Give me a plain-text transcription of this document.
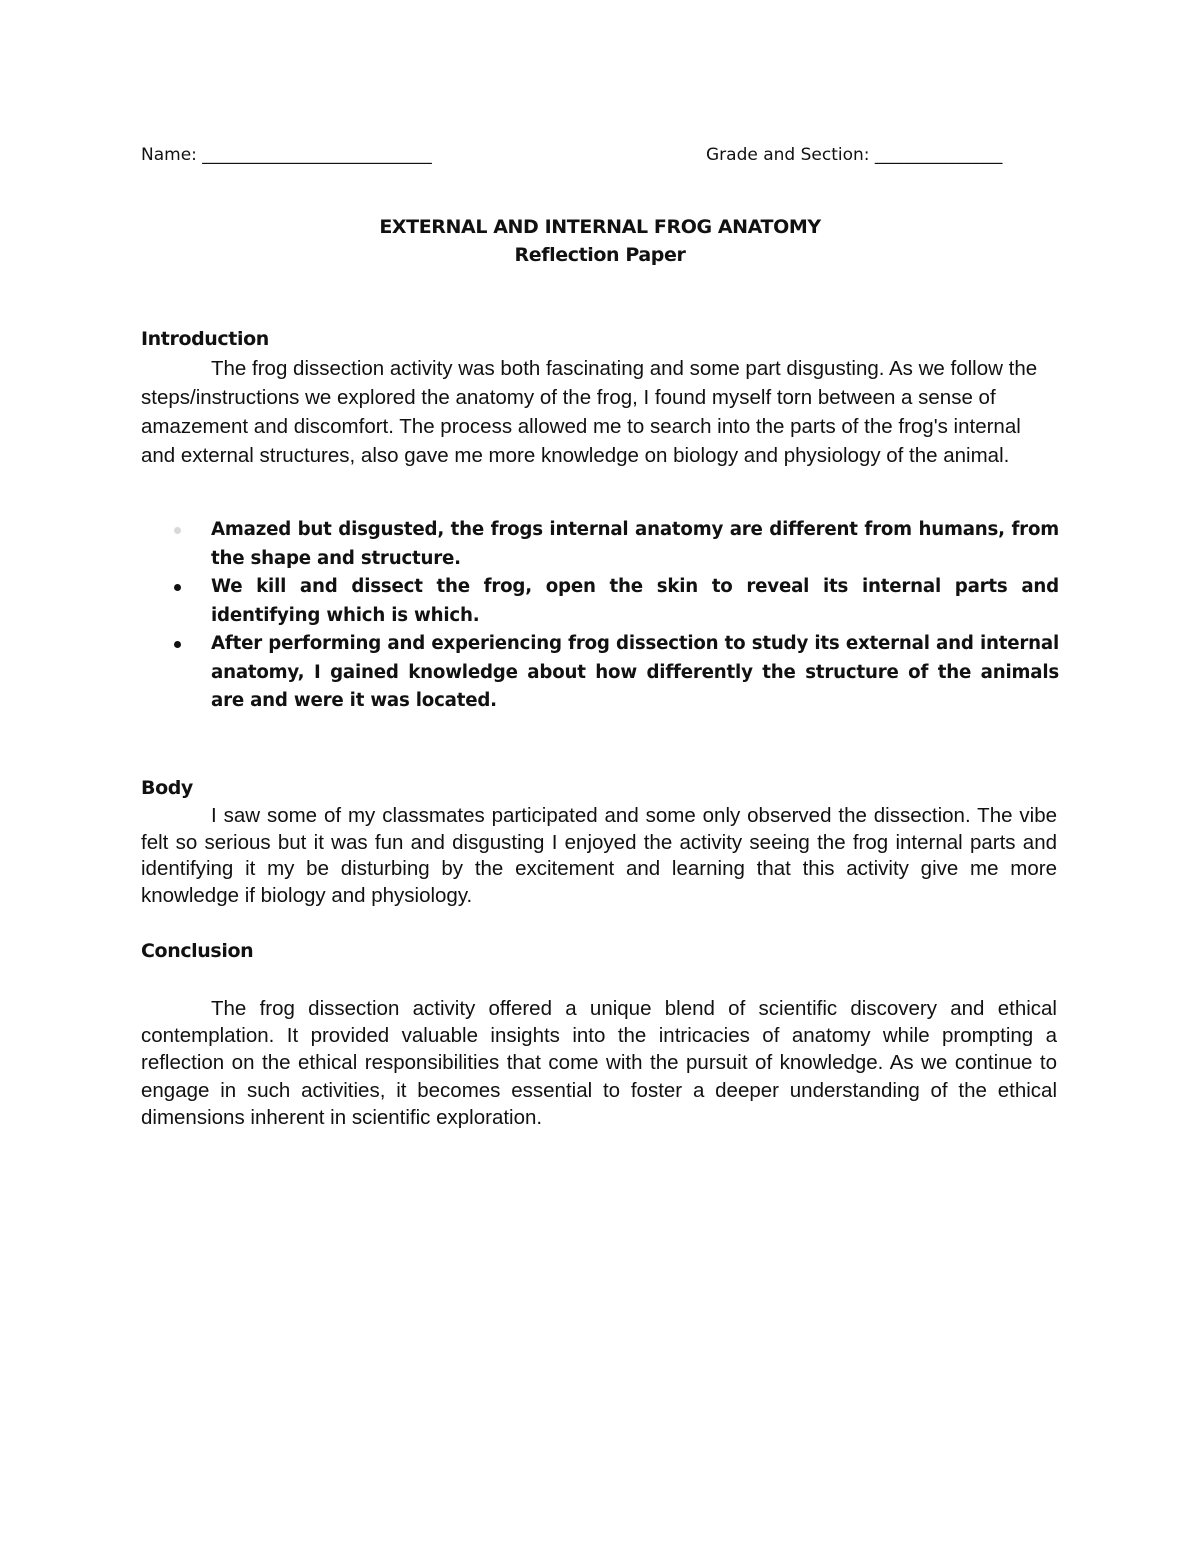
Name: ___________________________	Grade and Section: _______________
EXTERNAL AND INTERNAL FROG ANATOMY
Reflection Paper
Introduction

The frog dissection activity was both fascinating and some part disgusting. As we follow the steps/instructions we explored the anatomy of the frog, I found myself torn between a sense of amazement and discomfort. The process allowed me to search into the parts of the frog's internal and external structures, also gave me more knowledge on biology and physiology of the animal.

Amazed but disgusted, the frogs internal anatomy are different from humans, from the shape and structure.
We kill and dissect the frog, open the skin to reveal its internal parts and identifying which is which.
After performing and experiencing frog dissection to study its external and internal anatomy, I gained knowledge about how differently the structure of the animals are and were it was located.
Body

I saw some of my classmates participated and some only observed the dissection. The vibe felt so serious but it was fun and disgusting I enjoyed the activity seeing the frog internal parts and identifying it my be disturbing by the excitement and learning that this activity give me more knowledge if biology and physiology.

Conclusion

The frog dissection activity offered a unique blend of scientific discovery and ethical contemplation. It provided valuable insights into the intricacies of anatomy while prompting a reflection on the ethical responsibilities that come with the pursuit of knowledge. As we continue to engage in such activities, it becomes essential to foster a deeper understanding of the ethical dimensions inherent in scientific exploration.
